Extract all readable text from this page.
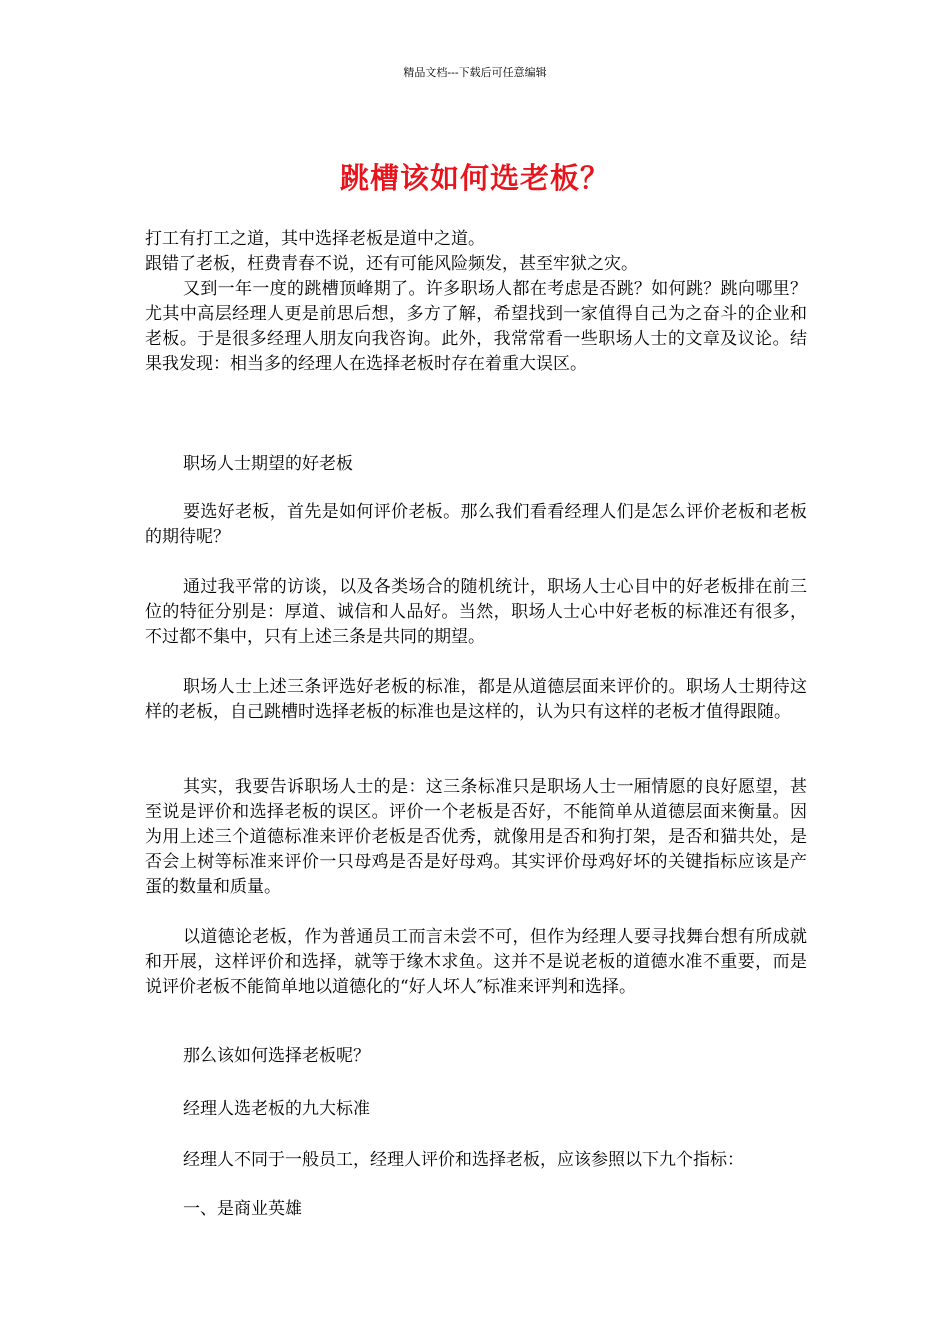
精品文档---下载后可任意编辑
跳槽该如何选老板？

打工有打工之道，其中选择老板是道中之道。

跟错了老板，枉费青春不说，还有可能风险频发，甚至牢狱之灾。

又到一年一度的跳槽顶峰期了。许多职场人都在考虑是否跳？如何跳？跳向哪里？尤其中高层经理人更是前思后想，多方了解，希望找到一家值得自己为之奋斗的企业和老板。于是很多经理人朋友向我咨询。此外，我常常看一些职场人士的文章及议论。结果我发现：相当多的经理人在选择老板时存在着重大误区。

职场人士期望的好老板

要选好老板，首先是如何评价老板。那么我们看看经理人们是怎么评价老板和老板的期待呢？

通过我平常的访谈，以及各类场合的随机统计，职场人士心目中的好老板排在前三位的特征分别是：厚道、诚信和人品好。当然，职场人士心中好老板的标准还有很多，不过都不集中，只有上述三条是共同的期望。

职场人士上述三条评选好老板的标准，都是从道德层面来评价的。职场人士期待这样的老板，自己跳槽时选择老板的标准也是这样的，认为只有这样的老板才值得跟随。

其实，我要告诉职场人士的是：这三条标准只是职场人士一厢情愿的良好愿望，甚至说是评价和选择老板的误区。评价一个老板是否好，不能简单从道德层面来衡量。因为用上述三个道德标准来评价老板是否优秀，就像用是否和狗打架，是否和猫共处，是否会上树等标准来评价一只母鸡是否是好母鸡。其实评价母鸡好坏的关键指标应该是产蛋的数量和质量。

以道德论老板，作为普通员工而言未尝不可，但作为经理人要寻找舞台想有所成就和开展，这样评价和选择，就等于缘木求鱼。这并不是说老板的道德水准不重要，而是说评价老板不能简单地以道德化的“好人坏人″标准来评判和选择。

那么该如何选择老板呢？

经理人选老板的九大标准

经理人不同于一般员工，经理人评价和选择老板，应该参照以下九个指标：

一、是商业英雄
